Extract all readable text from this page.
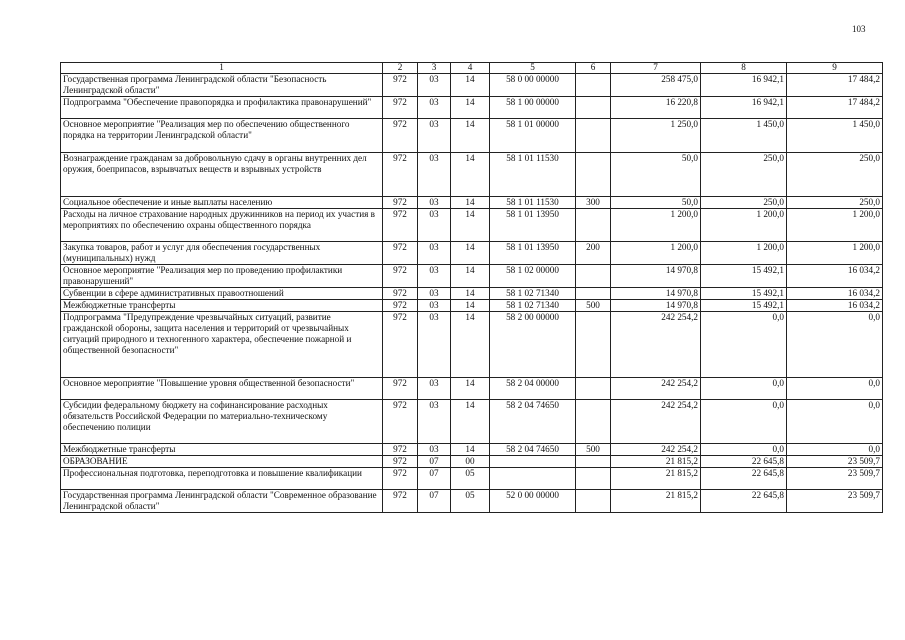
103
1	2	3	4	5	6	7	8	9
Государственная программа Ленинградской области "Безопасность Ленинградской области"	972	03	14	58 0 00 00000		258 475,0	16 942,1	17 484,2
Подпрограмма "Обеспечение правопорядка и профилактика правонарушений"	972	03	14	58 1 00 00000		16 220,8	16 942,1	17 484,2
Основное мероприятие "Реализация мер по обеспечению общественного порядка на территории Ленинградской области"	972	03	14	58 1 01 00000		1 250,0	1 450,0	1 450,0
Вознаграждение гражданам за добровольную сдачу в органы внутренних дел оружия, боеприпасов, взрывчатых веществ и взрывных устройств	972	03	14	58 1 01 11530		50,0	250,0	250,0
Социальное обеспечение и иные выплаты населению	972	03	14	58 1 01 11530	300	50,0	250,0	250,0
Расходы на личное страхование народных дружинников на период их участия в мероприятиях по обеспечению охраны общественного порядка	972	03	14	58 1 01 13950		1 200,0	1 200,0	1 200,0
Закупка товаров, работ и услуг для обеспечения государственных (муниципальных) нужд	972	03	14	58 1 01 13950	200	1 200,0	1 200,0	1 200,0
Основное мероприятие "Реализация мер по проведению профилактики правонарушений"	972	03	14	58 1 02 00000		14 970,8	15 492,1	16 034,2
Субвенции в сфере административных правоотношений	972	03	14	58 1 02 71340		14 970,8	15 492,1	16 034,2
Межбюджетные трансферты	972	03	14	58 1 02 71340	500	14 970,8	15 492,1	16 034,2
Подпрограмма "Предупреждение чрезвычайных ситуаций, развитие гражданской обороны, защита населения и территорий от чрезвычайных ситуаций природного и техногенного характера, обеспечение пожарной и общественной безопасности"	972	03	14	58 2 00 00000		242 254,2	0,0	0,0
Основное мероприятие "Повышение уровня общественной безопасности"	972	03	14	58 2 04 00000		242 254,2	0,0	0,0
Субсидии федеральному бюджету на софинансирование расходных обязательств Российской Федерации по материально-техническому обеспечению полиции	972	03	14	58 2 04 74650		242 254,2	0,0	0,0
Межбюджетные трансферты	972	03	14	58 2 04 74650	500	242 254,2	0,0	0,0
ОБРАЗОВАНИЕ	972	07	00			21 815,2	22 645,8	23 509,7
Профессиональная подготовка, переподготовка и повышение квалификации	972	07	05			21 815,2	22 645,8	23 509,7
Государственная программа Ленинградской области "Современное образование Ленинградской области"	972	07	05	52 0 00 00000		21 815,2	22 645,8	23 509,7
